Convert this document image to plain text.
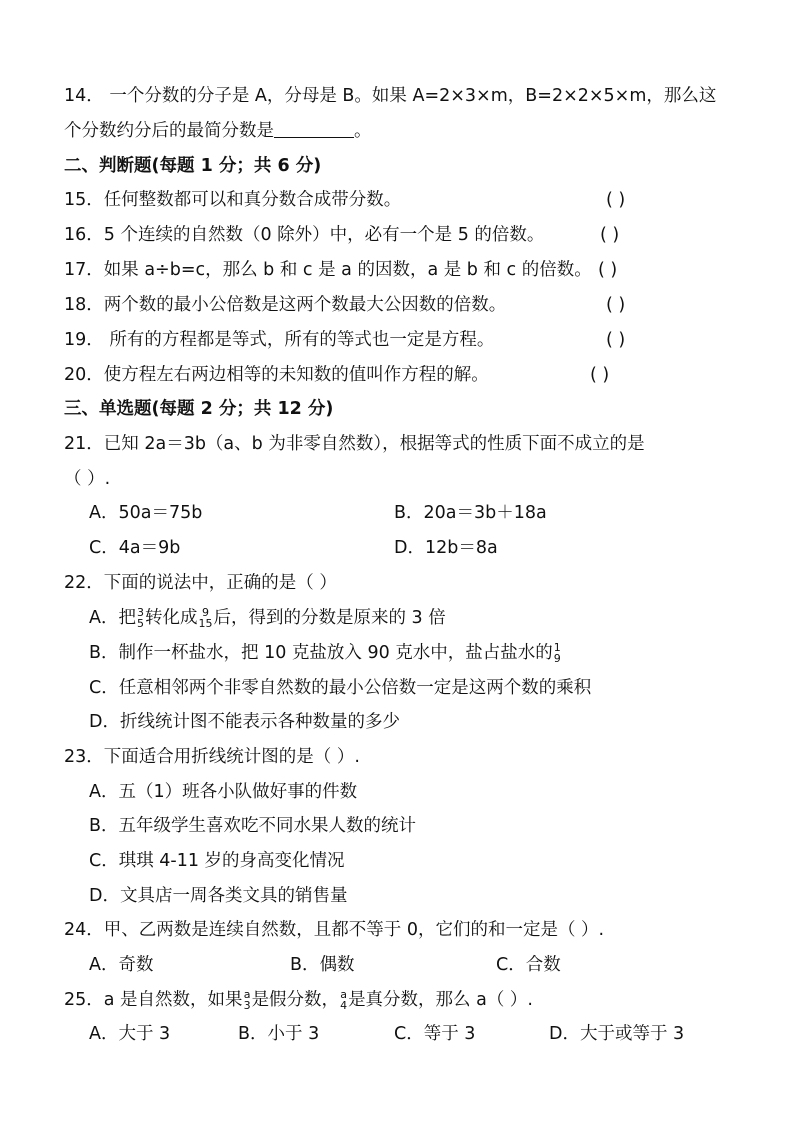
14． 一个分数的分子是 A，分母是 B。如果 A=2×3×m，B=2×2×5×m，那么这
个分数约分后的最简分数是	。
二、判断题(每题 1 分；共 6 分)
15．任何整数都可以和真分数合成带分数。	( )
16．5 个连续的自然数（0 除外）中，必有一个是 5 的倍数。	( )
17．如果 a÷b=c，那么 b 和 c 是 a 的因数，a 是 b 和 c 的倍数。 ( )
18．两个数的最小公倍数是这两个数最大公因数的倍数。	( )
19． 所有的方程都是等式，所有的等式也一定是方程。	( )
20．使方程左右两边相等的未知数的值叫作方程的解。	( )
三、单选题(每题 2 分；共 12 分)
21．已知 2a＝3b（a、b 为非零自然数），根据等式的性质下面不成立的是
（ ）.
A．50a＝75b	B．20a＝3b＋18a
C．4a＝9b	D．12b＝8a
22．下面的说法中，正确的是（ ）
A．把 3
5 转化成 9
15 后，得到的分数是原来的 3 倍
B．制作一杯盐水，把 10 克盐放入 90 克水中，盐占盐水的 1
9
C．任意相邻两个非零自然数的最小公倍数一定是这两个数的乘积
D．折线统计图不能表示各种数量的多少
23．下面适合用折线统计图的是（ ）.
A．五（1）班各小队做好事的件数
B．五年级学生喜欢吃不同水果人数的统计
C．琪琪 4-11 岁的身高变化情况
D．文具店一周各类文具的销售量
24．甲、乙两数是连续自然数，且都不等于 0，它们的和一定是（ ）.
A．奇数	B．偶数	C．合数
25．a 是自然数，如果 a
3 是假分数， a
4 是真分数，那么 a（ ）.
A．大于 3	B．小于 3	C．等于 3	D．大于或等于 3
